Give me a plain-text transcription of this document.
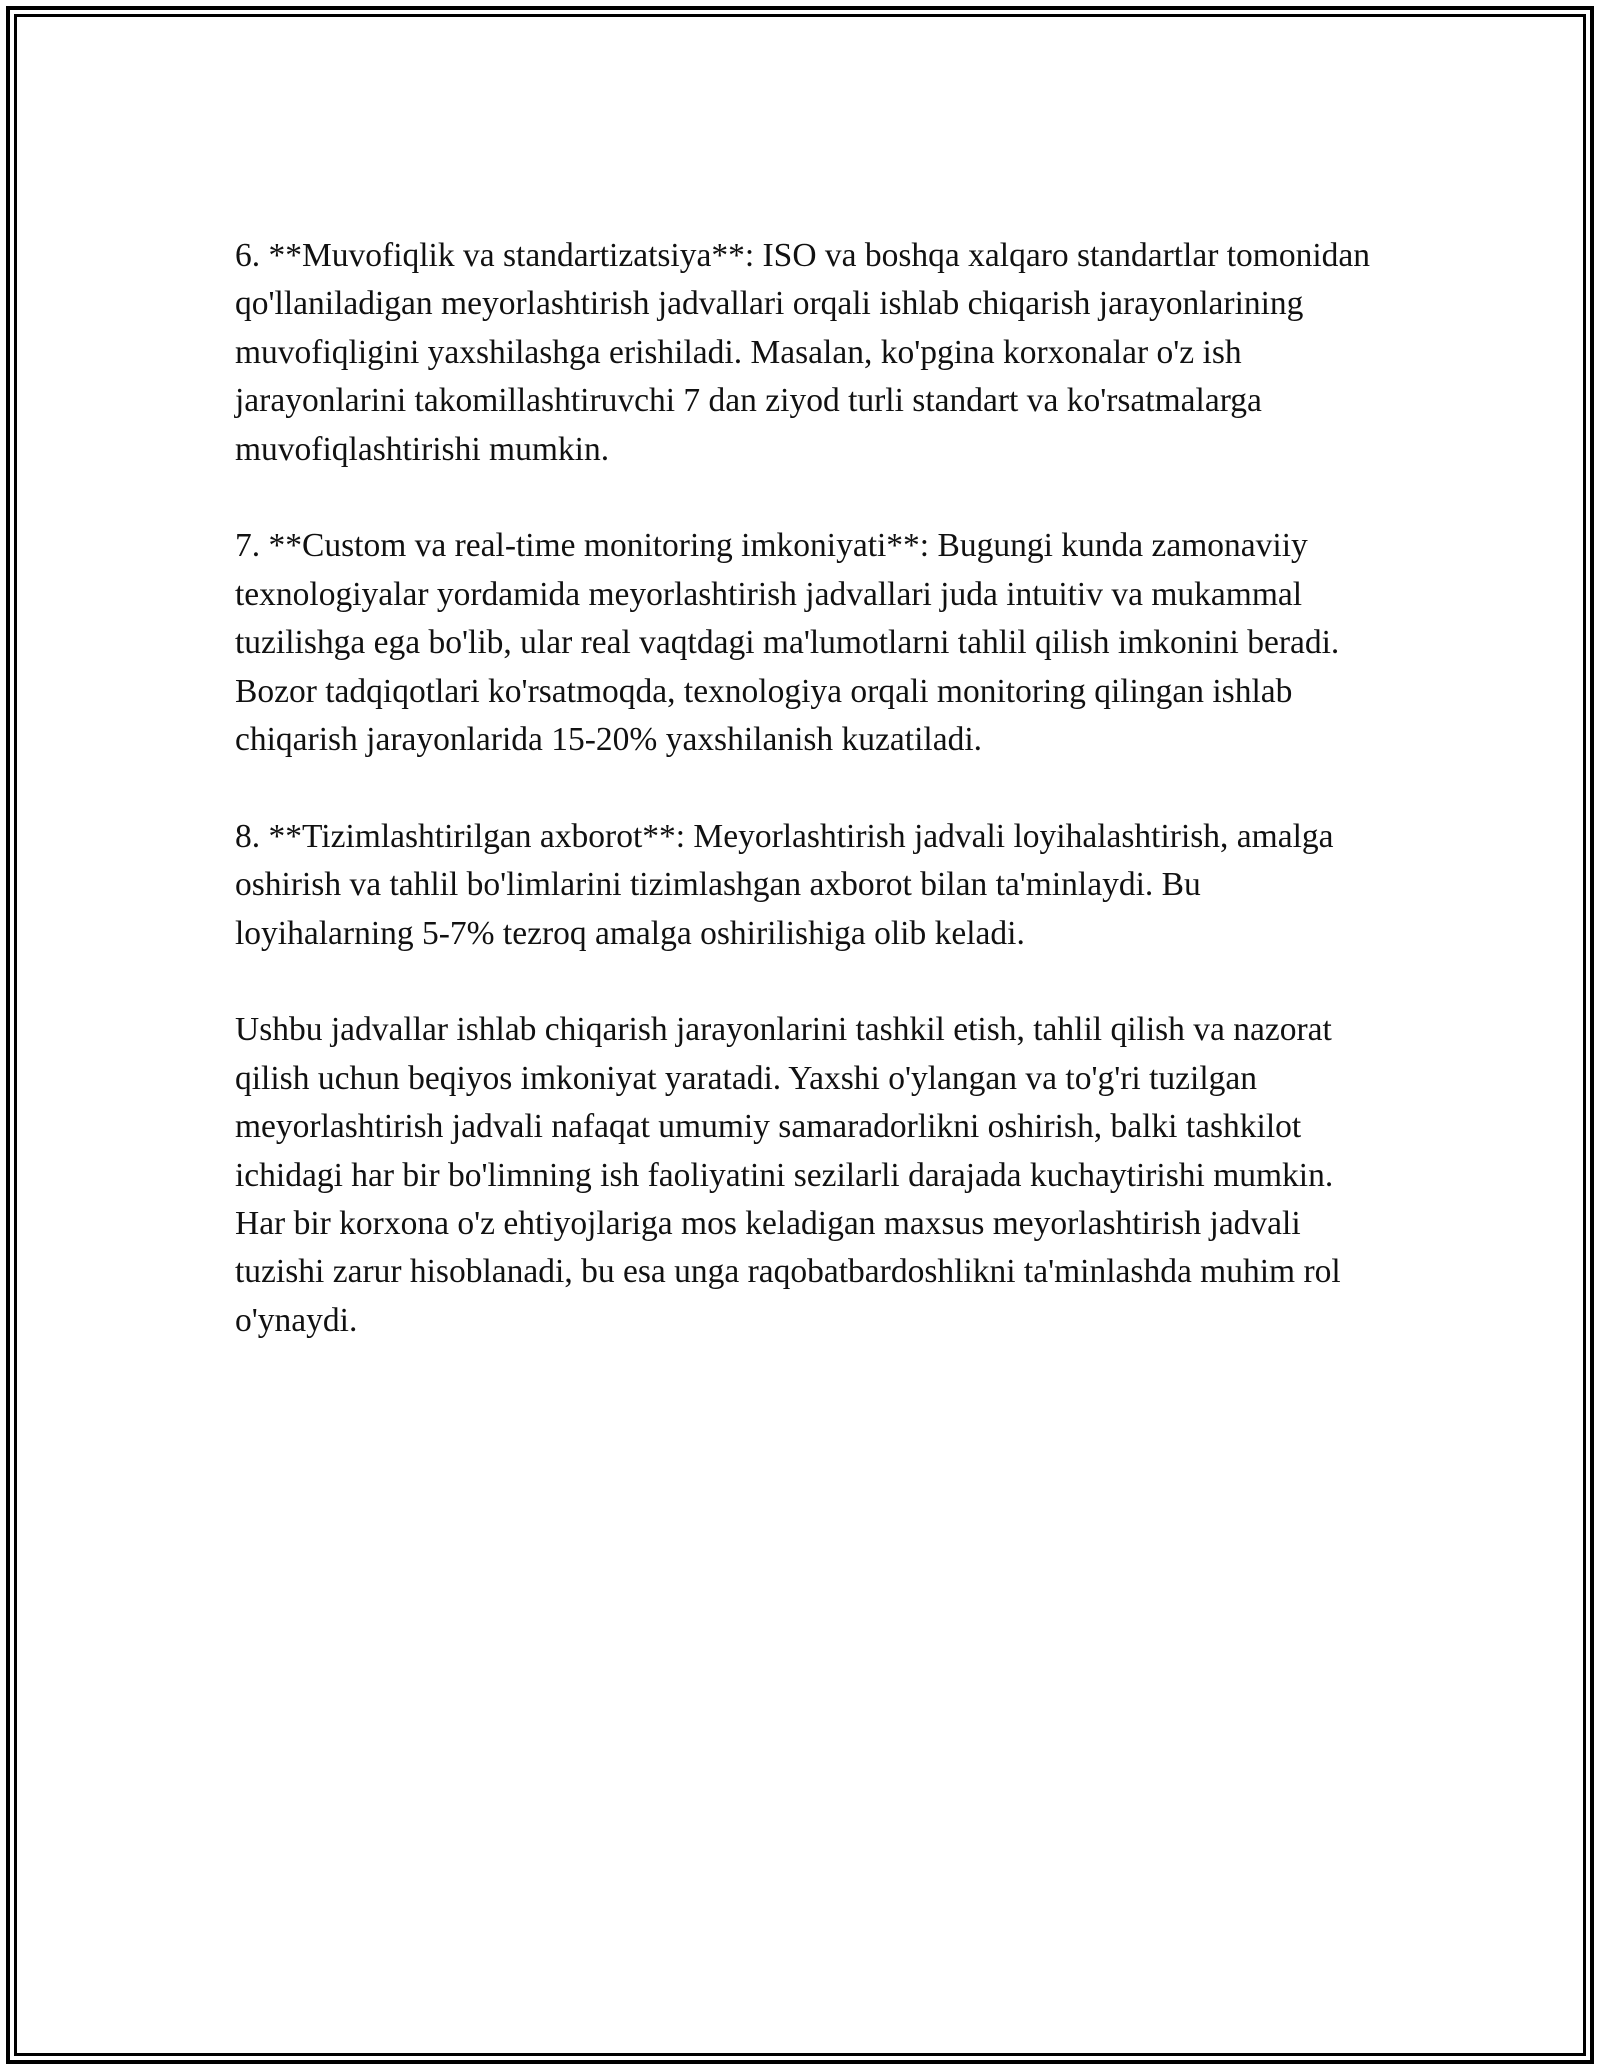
6. **Muvofiqlik va standartizatsiya**: ISO va boshqa xalqaro standartlar tomonidan qo'llaniladigan meyorlashtirish jadvallari orqali ishlab chiqarish jarayonlarining muvofiqligini yaxshilashga erishiladi. Masalan, ko'pgina korxonalar o'z ish jarayonlarini takomillashtiruvchi 7 dan ziyod turli standart va ko'rsatmalarga muvofiqlashtirishi mumkin.

7. **Custom va real-time monitoring imkoniyati**: Bugungi kunda zamonaviiy texnologiyalar yordamida meyorlashtirish jadvallari juda intuitiv va mukammal tuzilishga ega bo'lib, ular real vaqtdagi ma'lumotlarni tahlil qilish imkonini beradi. Bozor tadqiqotlari ko'rsatmoqda, texnologiya orqali monitoring qilingan ishlab chiqarish jarayonlarida 15-20% yaxshilanish kuzatiladi.

8. **Tizimlashtirilgan axborot**: Meyorlashtirish jadvali loyihalashtirish, amalga oshirish va tahlil bo'limlarini tizimlashgan axborot bilan ta'minlaydi. Bu loyihalarning 5-7% tezroq amalga oshirilishiga olib keladi.

Ushbu jadvallar ishlab chiqarish jarayonlarini tashkil etish, tahlil qilish va nazorat qilish uchun beqiyos imkoniyat yaratadi. Yaxshi o'ylangan va to'g'ri tuzilgan meyorlashtirish jadvali nafaqat umumiy samaradorlikni oshirish, balki tashkilot ichidagi har bir bo'limning ish faoliyatini sezilarli darajada kuchaytirishi mumkin. Har bir korxona o'z ehtiyojlariga mos keladigan maxsus meyorlashtirish jadvali tuzishi zarur hisoblanadi, bu esa unga raqobatbardoshlikni ta'minlashda muhim rol o'ynaydi.
